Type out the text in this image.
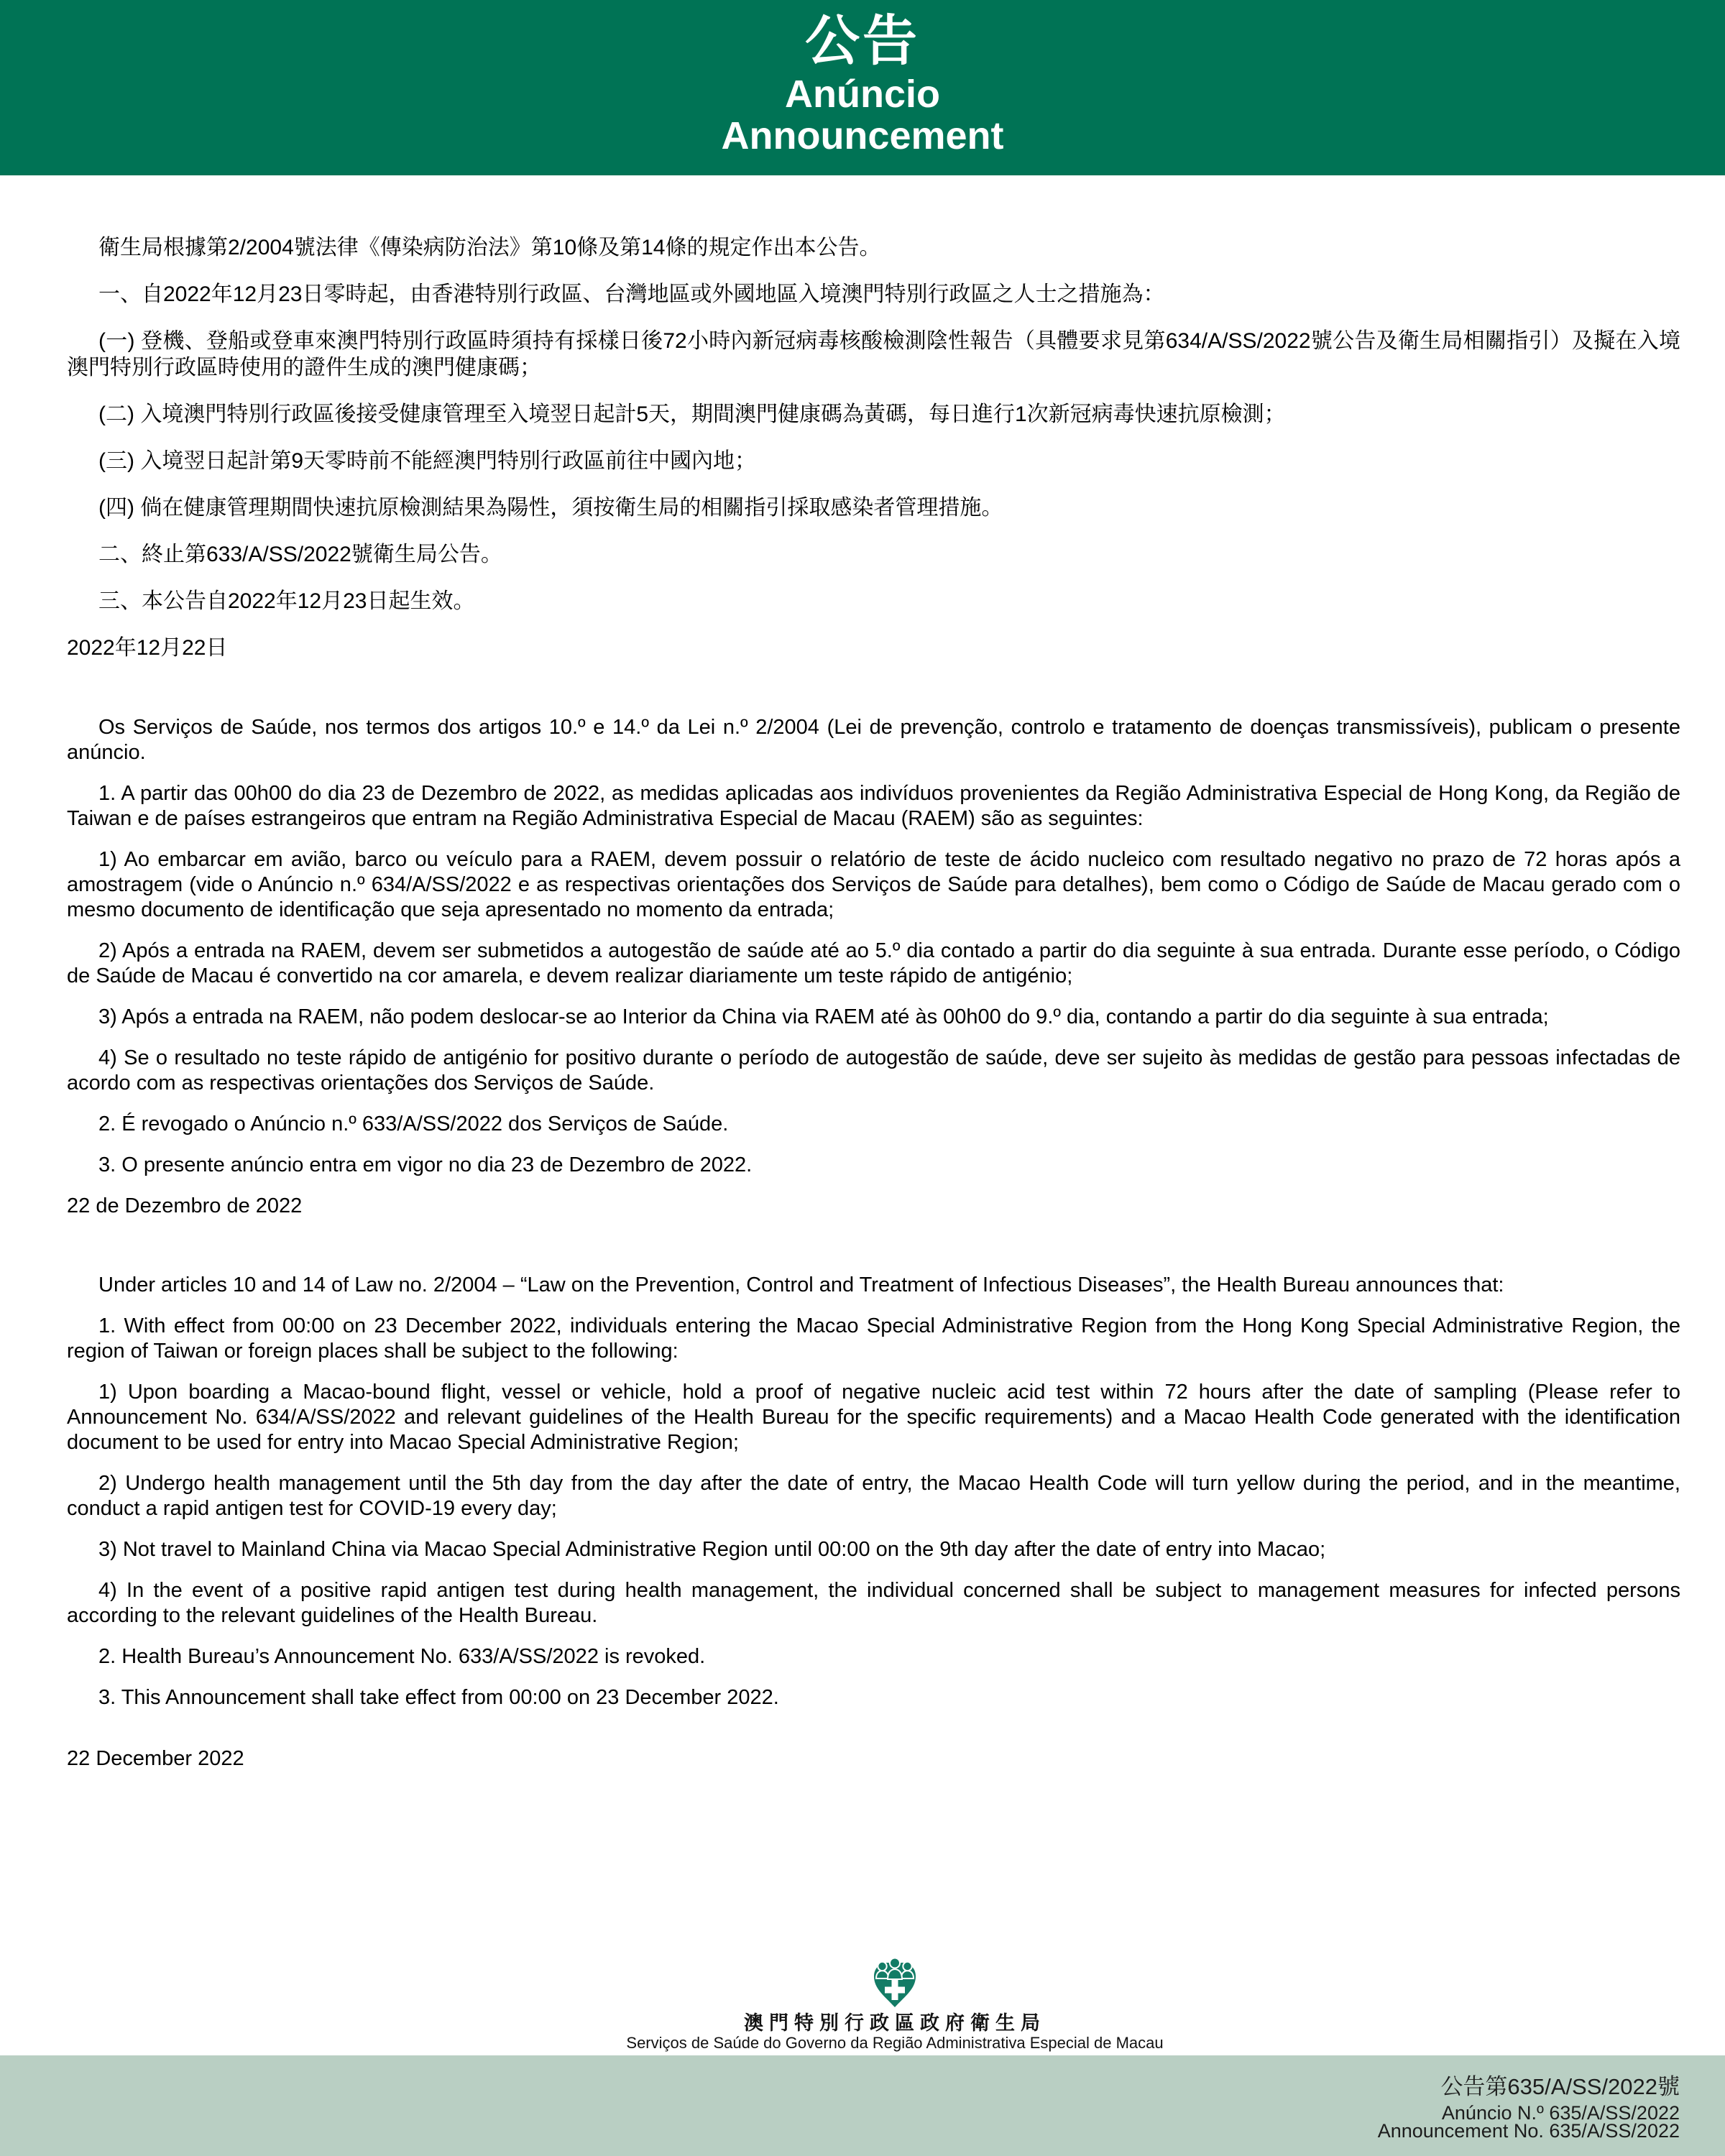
公告
Anúncio
Announcement

衛生局根據第2/2004號法律《傳染病防治法》第10條及第14條的規定作出本公告。

一、自2022年12月23日零時起，由香港特別行政區、台灣地區或外國地區入境澳門特別行政區之人士之措施為：

(一) 登機、登船或登車來澳門特別行政區時須持有採樣日後72小時內新冠病毒核酸檢測陰性報告（具體要求見第634/A/SS/2022號公告及衛生局相關指引）及擬在入境澳門特別行政區時使用的證件生成的澳門健康碼；

(二) 入境澳門特別行政區後接受健康管理至入境翌日起計5天，期間澳門健康碼為黃碼，每日進行1次新冠病毒快速抗原檢測；

(三) 入境翌日起計第9天零時前不能經澳門特別行政區前往中國內地；

(四) 倘在健康管理期間快速抗原檢測結果為陽性，須按衛生局的相關指引採取感染者管理措施。

二、終止第633/A/SS/2022號衛生局公告。

三、本公告自2022年12月23日起生效。

2022年12月22日

Os Serviços de Saúde, nos termos dos artigos 10.º e 14.º da Lei n.º 2/2004 (Lei de prevenção, controlo e tratamento de doenças transmissíveis), publicam o presente anúncio.

1. A partir das 00h00 do dia 23 de Dezembro de 2022, as medidas aplicadas aos indivíduos provenientes da Região Administrativa Especial de Hong Kong, da Região de Taiwan e de países estrangeiros que entram na Região Administrativa Especial de Macau (RAEM) são as seguintes:

1) Ao embarcar em avião, barco ou veículo para a RAEM, devem possuir o relatório de teste de ácido nucleico com resultado negativo no prazo de 72 horas após a amostragem (vide o Anúncio n.º 634/A/SS/2022 e as respectivas orientações dos Serviços de Saúde para detalhes), bem como o Código de Saúde de Macau gerado com o mesmo documento de identificação que seja apresentado no momento da entrada;

2) Após a entrada na RAEM, devem ser submetidos a autogestão de saúde até ao 5.º dia contado a partir do dia seguinte à sua entrada. Durante esse período, o Código de Saúde de Macau é convertido na cor amarela, e devem realizar diariamente um teste rápido de antigénio;

3) Após a entrada na RAEM, não podem deslocar-se ao Interior da China via RAEM até às 00h00 do 9.º dia, contando a partir do dia seguinte à sua entrada;

4) Se o resultado no teste rápido de antigénio for positivo durante o período de autogestão de saúde, deve ser sujeito às medidas de gestão para pessoas infectadas de acordo com as respectivas orientações dos Serviços de Saúde.

2. É revogado o Anúncio n.º 633/A/SS/2022 dos Serviços de Saúde.

3. O presente anúncio entra em vigor no dia 23 de Dezembro de 2022.

22 de Dezembro de 2022

Under articles 10 and 14 of Law no. 2/2004 – “Law on the Prevention, Control and Treatment of Infectious Diseases”, the Health Bureau announces that:

1. With effect from 00:00 on 23 December 2022, individuals entering the Macao Special Administrative Region from the Hong Kong Special Administrative Region, the region of Taiwan or foreign places shall be subject to the following:

1) Upon boarding a Macao-bound flight, vessel or vehicle, hold a proof of negative nucleic acid test within 72 hours after the date of sampling (Please refer to Announcement No. 634/A/SS/2022 and relevant guidelines of the Health Bureau for the specific requirements) and a Macao Health Code generated with the identification document to be used for entry into Macao Special Administrative Region;

2) Undergo health management until the 5th day from the day after the date of entry, the Macao Health Code will turn yellow during the period, and in the meantime, conduct a rapid antigen test for COVID-19 every day;

3) Not travel to Mainland China via Macao Special Administrative Region until 00:00 on the 9th day after the date of entry into Macao;

4) In the event of a positive rapid antigen test during health management, the individual concerned shall be subject to management measures for infected persons according to the relevant guidelines of the Health Bureau.

2. Health Bureau’s Announcement No. 633/A/SS/2022 is revoked.

3. This Announcement shall take effect from 00:00 on 23 December 2022.

22 December 2022

澳門特別行政區政府衛生局
Serviços de Saúde do Governo da Região Administrativa Especial de Macau
公告第635/A/SS/2022號
Anúncio N.º 635/A/SS/2022
Announcement No. 635/A/SS/2022
